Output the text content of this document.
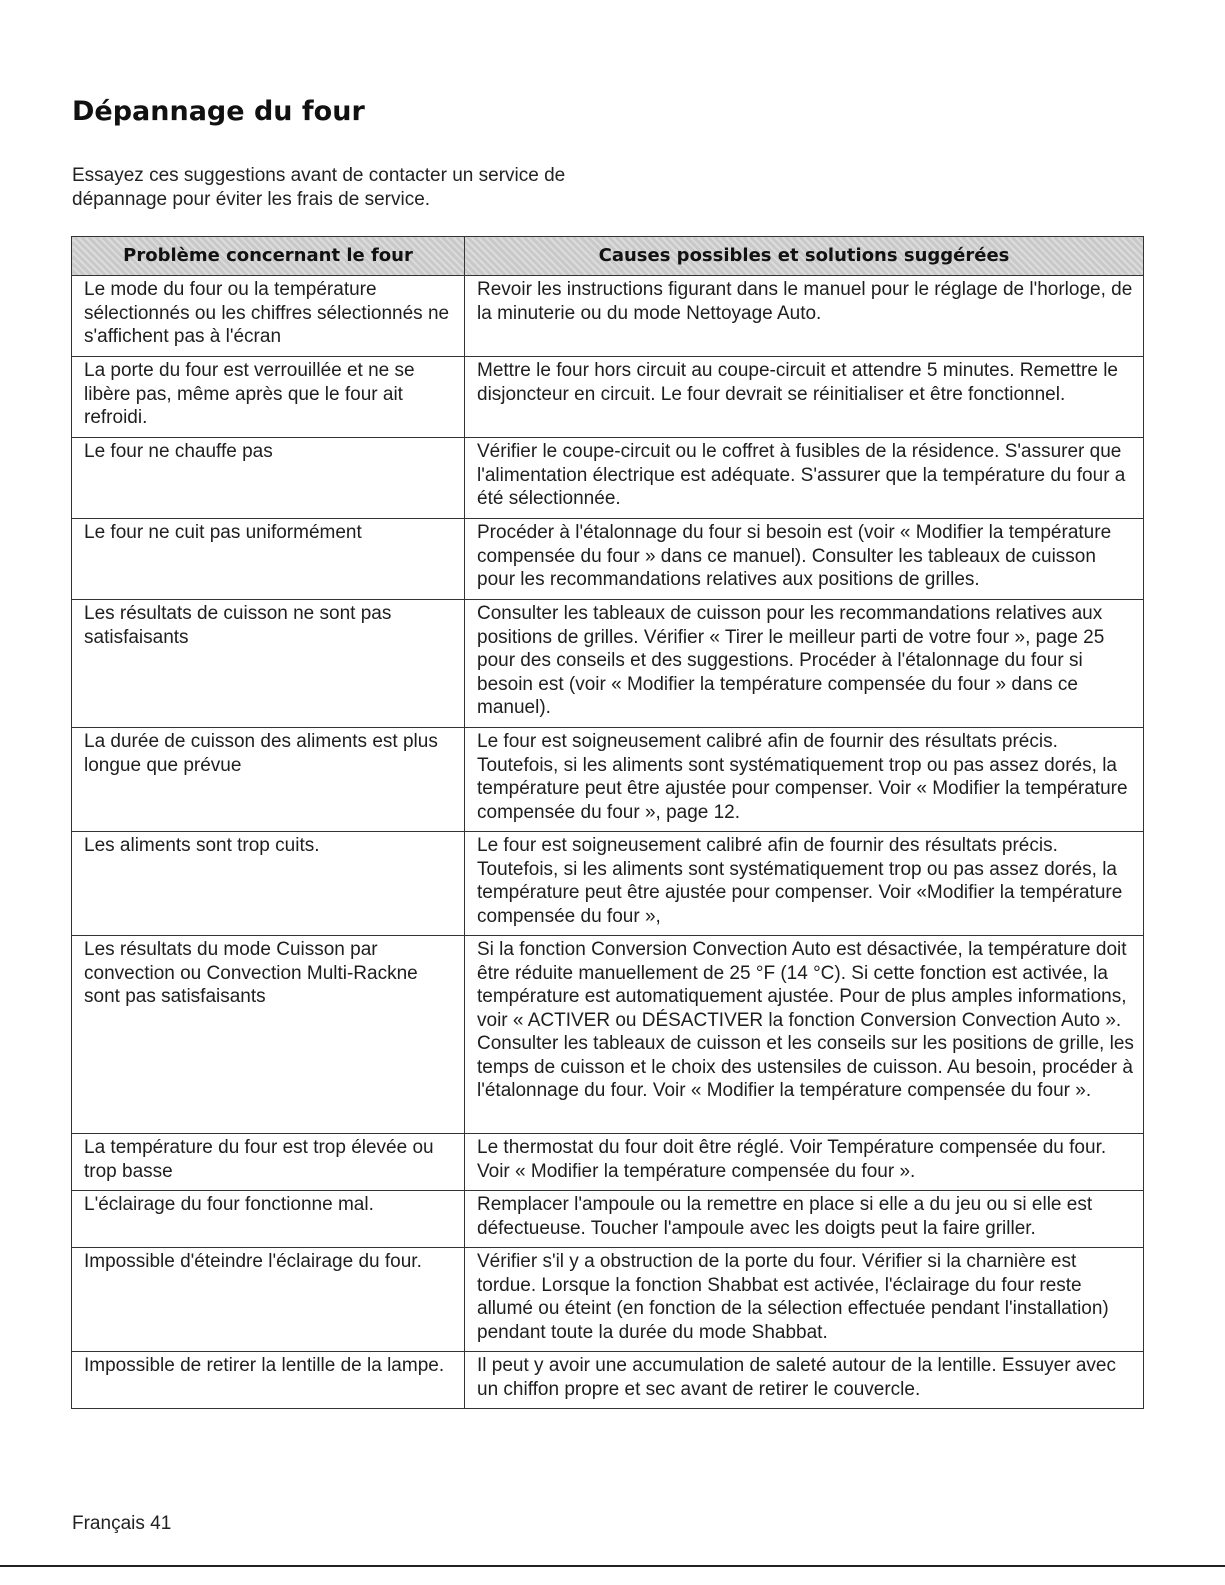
Dépannage du four
Essayez ces suggestions avant de contacter un service de
dépannage pour éviter les frais de service.
Problème concernant le four	Causes possibles et solutions suggérées
Le mode du four ou la température sélectionnés ou les chiffres sélectionnés ne s'affichent pas à l'écran	Revoir les instructions figurant dans le manuel pour le réglage de l'horloge, de la minuterie ou du mode Nettoyage Auto.
La porte du four est verrouillée et ne se libère pas, même après que le four ait refroidi.	Mettre le four hors circuit au coupe-circuit et attendre 5 minutes. Remettre le disjoncteur en circuit. Le four devrait se réinitialiser et être fonctionnel.
Le four ne chauffe pas	Vérifier le coupe-circuit ou le coffret à fusibles de la résidence. S'assurer que l'alimentation électrique est adéquate. S'assurer que la température du four a été sélectionnée.
Le four ne cuit pas uniformément	Procéder à l'étalonnage du four si besoin est (voir « Modifier la température compensée du four » dans ce manuel). Consulter les tableaux de cuisson pour les recommandations relatives aux positions de grilles.
Les résultats de cuisson ne sont pas satisfaisants	Consulter les tableaux de cuisson pour les recommandations relatives aux positions de grilles. Vérifier « Tirer le meilleur parti de votre four », page 25 pour des conseils et des suggestions. Procéder à l'étalonnage du four si besoin est (voir « Modifier la température compensée du four » dans ce manuel).
La durée de cuisson des aliments est plus longue que prévue	Le four est soigneusement calibré afin de fournir des résultats précis. Toutefois, si les aliments sont systématiquement trop ou pas assez dorés, la température peut être ajustée pour compenser. Voir « Modifier la température compensée du four », page 12.
Les aliments sont trop cuits.	Le four est soigneusement calibré afin de fournir des résultats précis. Toutefois, si les aliments sont systématiquement trop ou pas assez dorés, la température peut être ajustée pour compenser. Voir «Modifier la température compensée du four »,
Les résultats du mode Cuisson par convection ou Convection Multi-Rackne sont pas satisfaisants	Si la fonction Conversion Convection Auto est désactivée, la température doit être réduite manuellement de 25 °F (14 °C). Si cette fonction est activée, la température est automatiquement ajustée. Pour de plus amples informations, voir « ACTIVER ou DÉSACTIVER la fonction Conversion Convection Auto ». Consulter les tableaux de cuisson et les conseils sur les positions de grille, les temps de cuisson et le choix des ustensiles de cuisson. Au besoin, procéder à l'étalonnage du four. Voir « Modifier la température compensée du four ».
La température du four est trop élevée ou trop basse	Le thermostat du four doit être réglé. Voir Température compensée du four. Voir « Modifier la température compensée du four ».
L'éclairage du four fonctionne mal.	Remplacer l'ampoule ou la remettre en place si elle a du jeu ou si elle est défectueuse. Toucher l'ampoule avec les doigts peut la faire griller.
Impossible d'éteindre l'éclairage du four.	Vérifier s'il y a obstruction de la porte du four. Vérifier si la charnière est tordue. Lorsque la fonction Shabbat est activée, l'éclairage du four reste allumé ou éteint (en fonction de la sélection effectuée pendant l'installation) pendant toute la durée du mode Shabbat.
Impossible de retirer la lentille de la lampe.	Il peut y avoir une accumulation de saleté autour de la lentille. Essuyer avec un chiffon propre et sec avant de retirer le couvercle.
Français 41
